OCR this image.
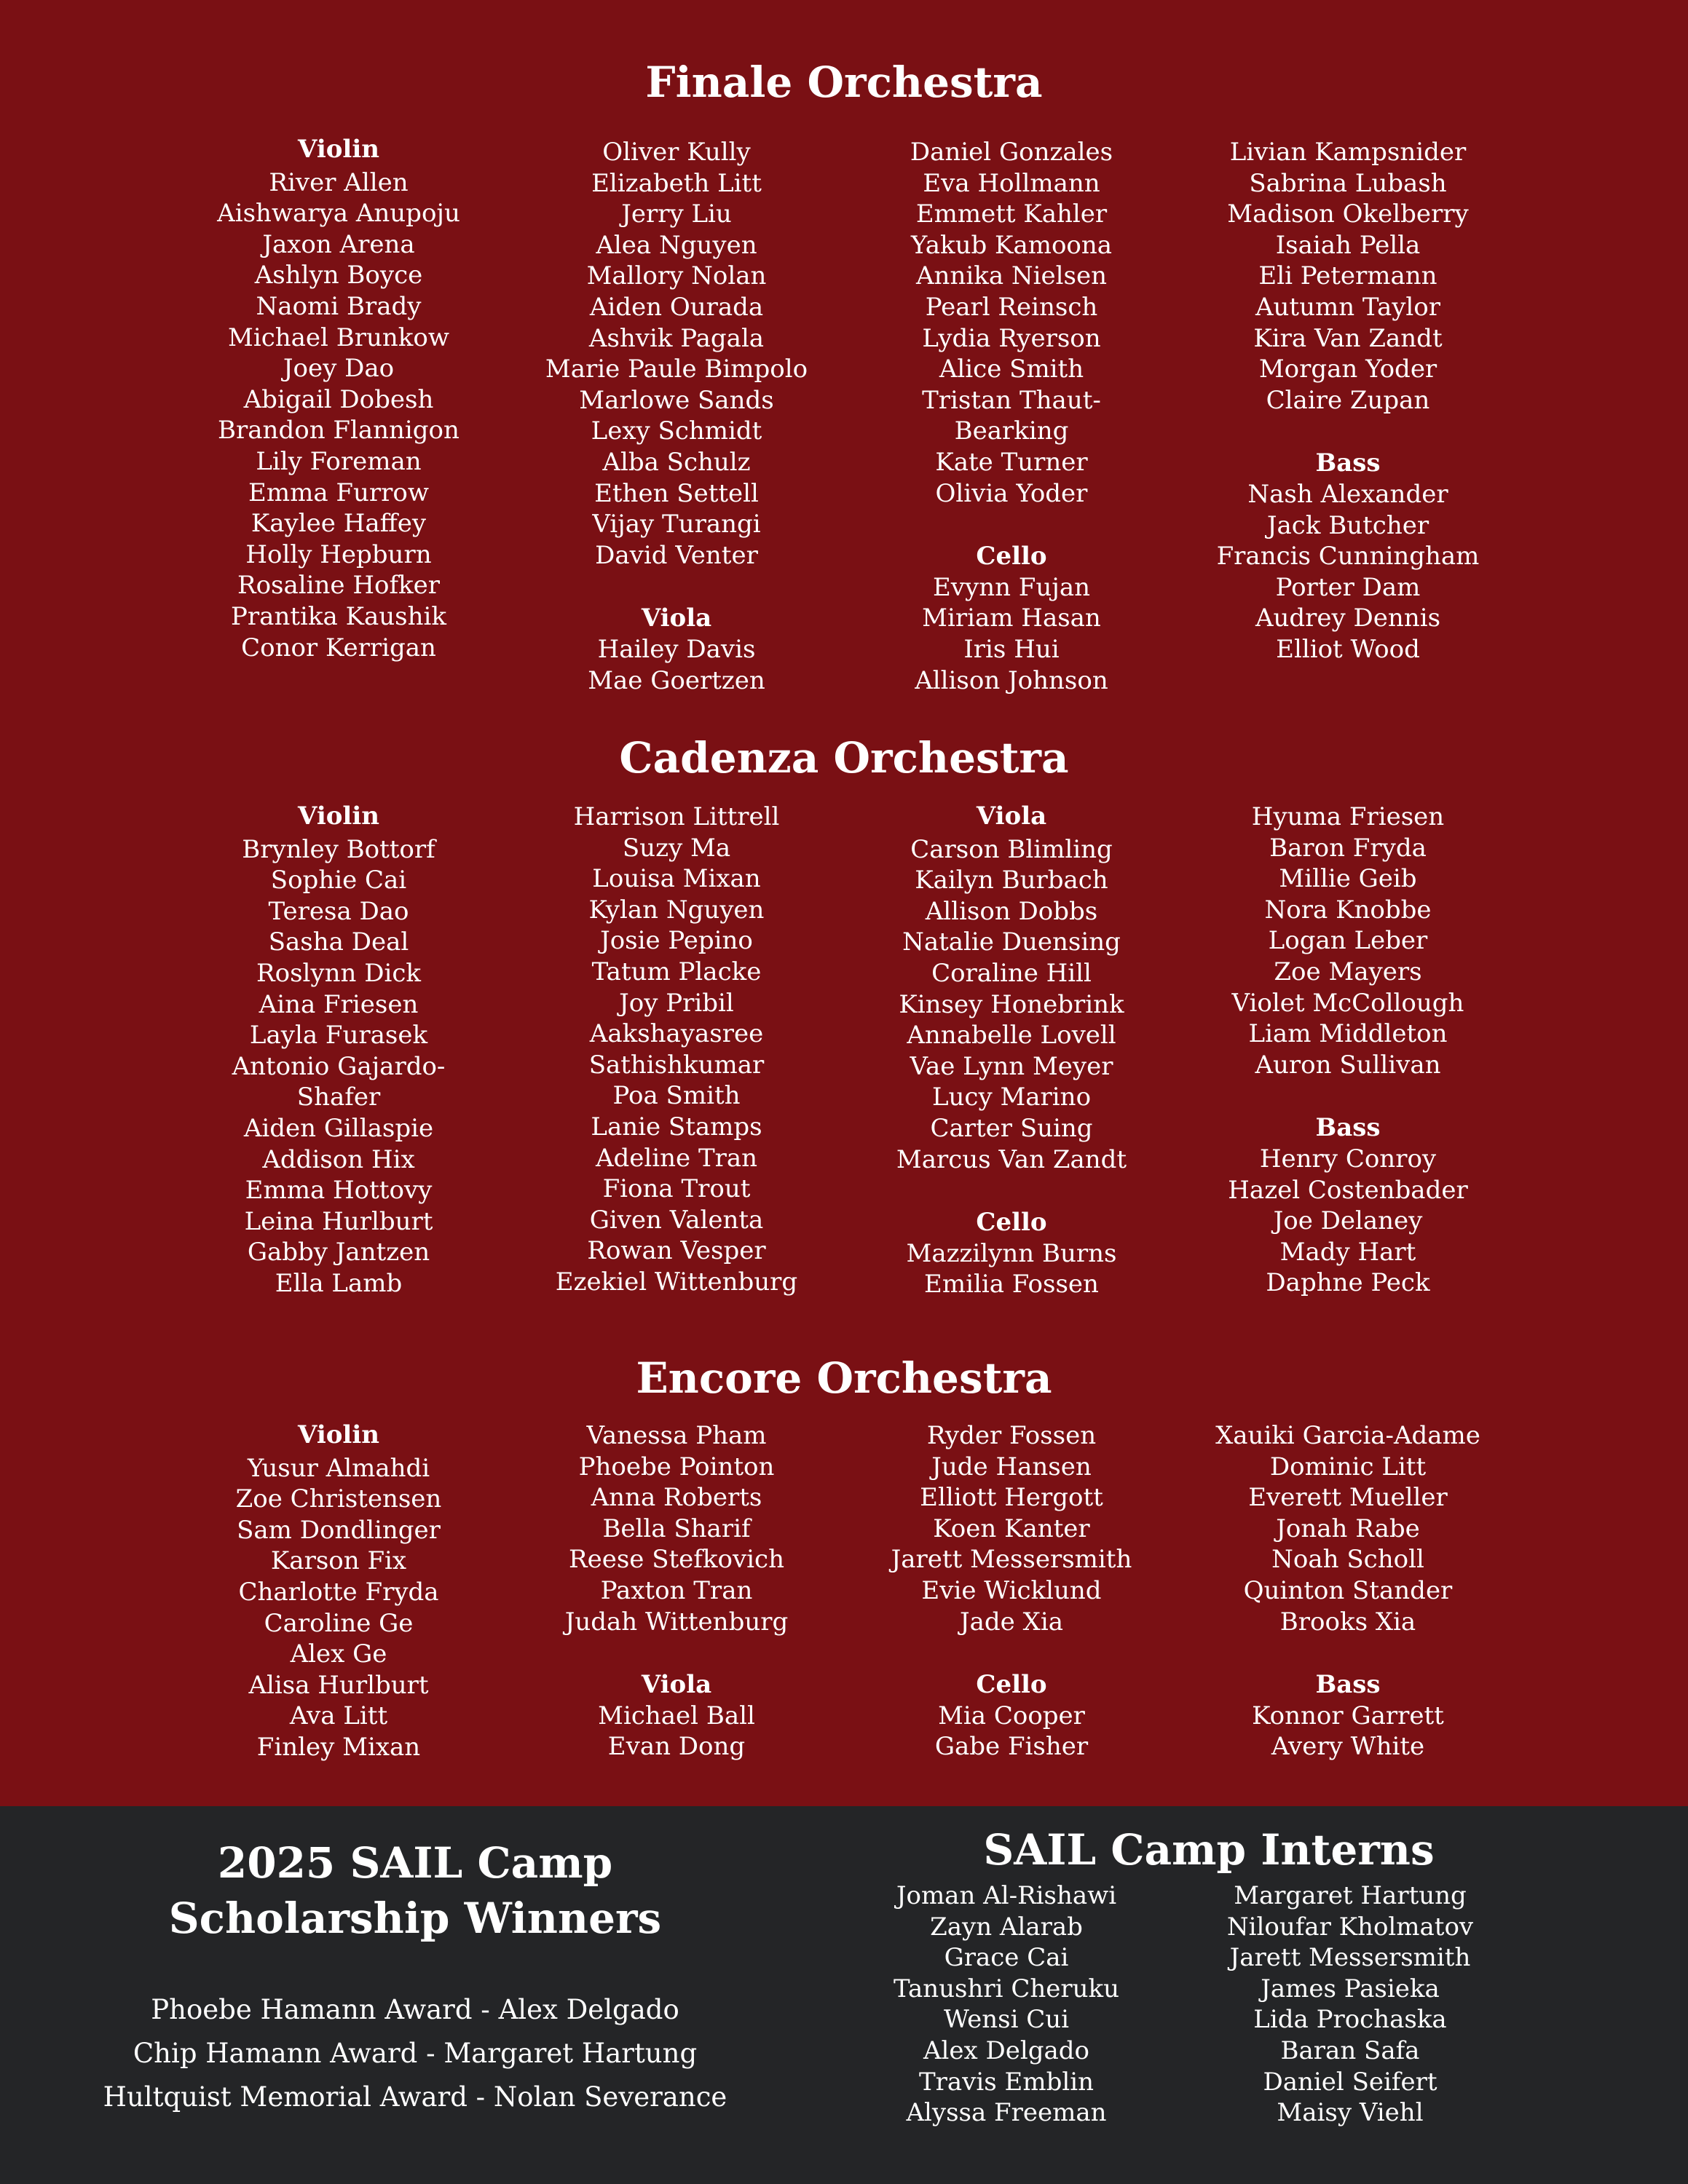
Finale Orchestra
Violin
River Allen
Aishwarya Anupoju
Jaxon Arena
Ashlyn Boyce
Naomi Brady
Michael Brunkow
Joey Dao
Abigail Dobesh
Brandon Flannigon
Lily Foreman
Emma Furrow
Kaylee Haffey
Holly Hepburn
Rosaline Hofker
Prantika Kaushik
Conor Kerrigan
Oliver Kully
Elizabeth Litt
Jerry Liu
Alea Nguyen
Mallory Nolan
Aiden Ourada
Ashvik Pagala
Marie Paule Bimpolo
Marlowe Sands
Lexy Schmidt
Alba Schulz
Ethen Settell
Vijay Turangi
David Venter
Viola
Hailey Davis
Mae Goertzen
Daniel Gonzales
Eva Hollmann
Emmett Kahler
Yakub Kamoona
Annika Nielsen
Pearl Reinsch
Lydia Ryerson
Alice Smith
Tristan Thaut-
Bearking
Kate Turner
Olivia Yoder
Cello
Evynn Fujan
Miriam Hasan
Iris Hui
Allison Johnson
Livian Kampsnider
Sabrina Lubash
Madison Okelberry
Isaiah Pella
Eli Petermann
Autumn Taylor
Kira Van Zandt
Morgan Yoder
Claire Zupan
Bass
Nash Alexander
Jack Butcher
Francis Cunningham
Porter Dam
Audrey Dennis
Elliot Wood
Cadenza Orchestra
Violin
Brynley Bottorf
Sophie Cai
Teresa Dao
Sasha Deal
Roslynn Dick
Aina Friesen
Layla Furasek
Antonio Gajardo-
Shafer
Aiden Gillaspie
Addison Hix
Emma Hottovy
Leina Hurlburt
Gabby Jantzen
Ella Lamb
Harrison Littrell
Suzy Ma
Louisa Mixan
Kylan Nguyen
Josie Pepino
Tatum Placke
Joy Pribil
Aakshayasree
Sathishkumar
Poa Smith
Lanie Stamps
Adeline Tran
Fiona Trout
Given Valenta
Rowan Vesper
Ezekiel Wittenburg
Viola
Carson Blimling
Kailyn Burbach
Allison Dobbs
Natalie Duensing
Coraline Hill
Kinsey Honebrink
Annabelle Lovell
Vae Lynn Meyer
Lucy Marino
Carter Suing
Marcus Van Zandt
Cello
Mazzilynn Burns
Emilia Fossen
Hyuma Friesen
Baron Fryda
Millie Geib
Nora Knobbe
Logan Leber
Zoe Mayers
Violet McCollough
Liam Middleton
Auron Sullivan
Bass
Henry Conroy
Hazel Costenbader
Joe Delaney
Mady Hart
Daphne Peck
Encore Orchestra
Violin
Yusur Almahdi
Zoe Christensen
Sam Dondlinger
Karson Fix
Charlotte Fryda
Caroline Ge
Alex Ge
Alisa Hurlburt
Ava Litt
Finley Mixan
Vanessa Pham
Phoebe Pointon
Anna Roberts
Bella Sharif
Reese Stefkovich
Paxton Tran
Judah Wittenburg
Viola
Michael Ball
Evan Dong
Ryder Fossen
Jude Hansen
Elliott Hergott
Koen Kanter
Jarett Messersmith
Evie Wicklund
Jade Xia
Cello
Mia Cooper
Gabe Fisher
Xauiki Garcia-Adame
Dominic Litt
Everett Mueller
Jonah Rabe
Noah Scholl
Quinton Stander
Brooks Xia
Bass
Konnor Garrett
Avery White
2025 SAIL Camp
Scholarship Winners
Phoebe Hamann Award - Alex Delgado
Chip Hamann Award - Margaret Hartung
Hultquist Memorial Award - Nolan Severance
SAIL Camp Interns
Joman Al-Rishawi
Zayn Alarab
Grace Cai
Tanushri Cheruku
Wensi Cui
Alex Delgado
Travis Emblin
Alyssa Freeman
Margaret Hartung
Niloufar Kholmatov
Jarett Messersmith
James Pasieka
Lida Prochaska
Baran Safa
Daniel Seifert
Maisy Viehl
